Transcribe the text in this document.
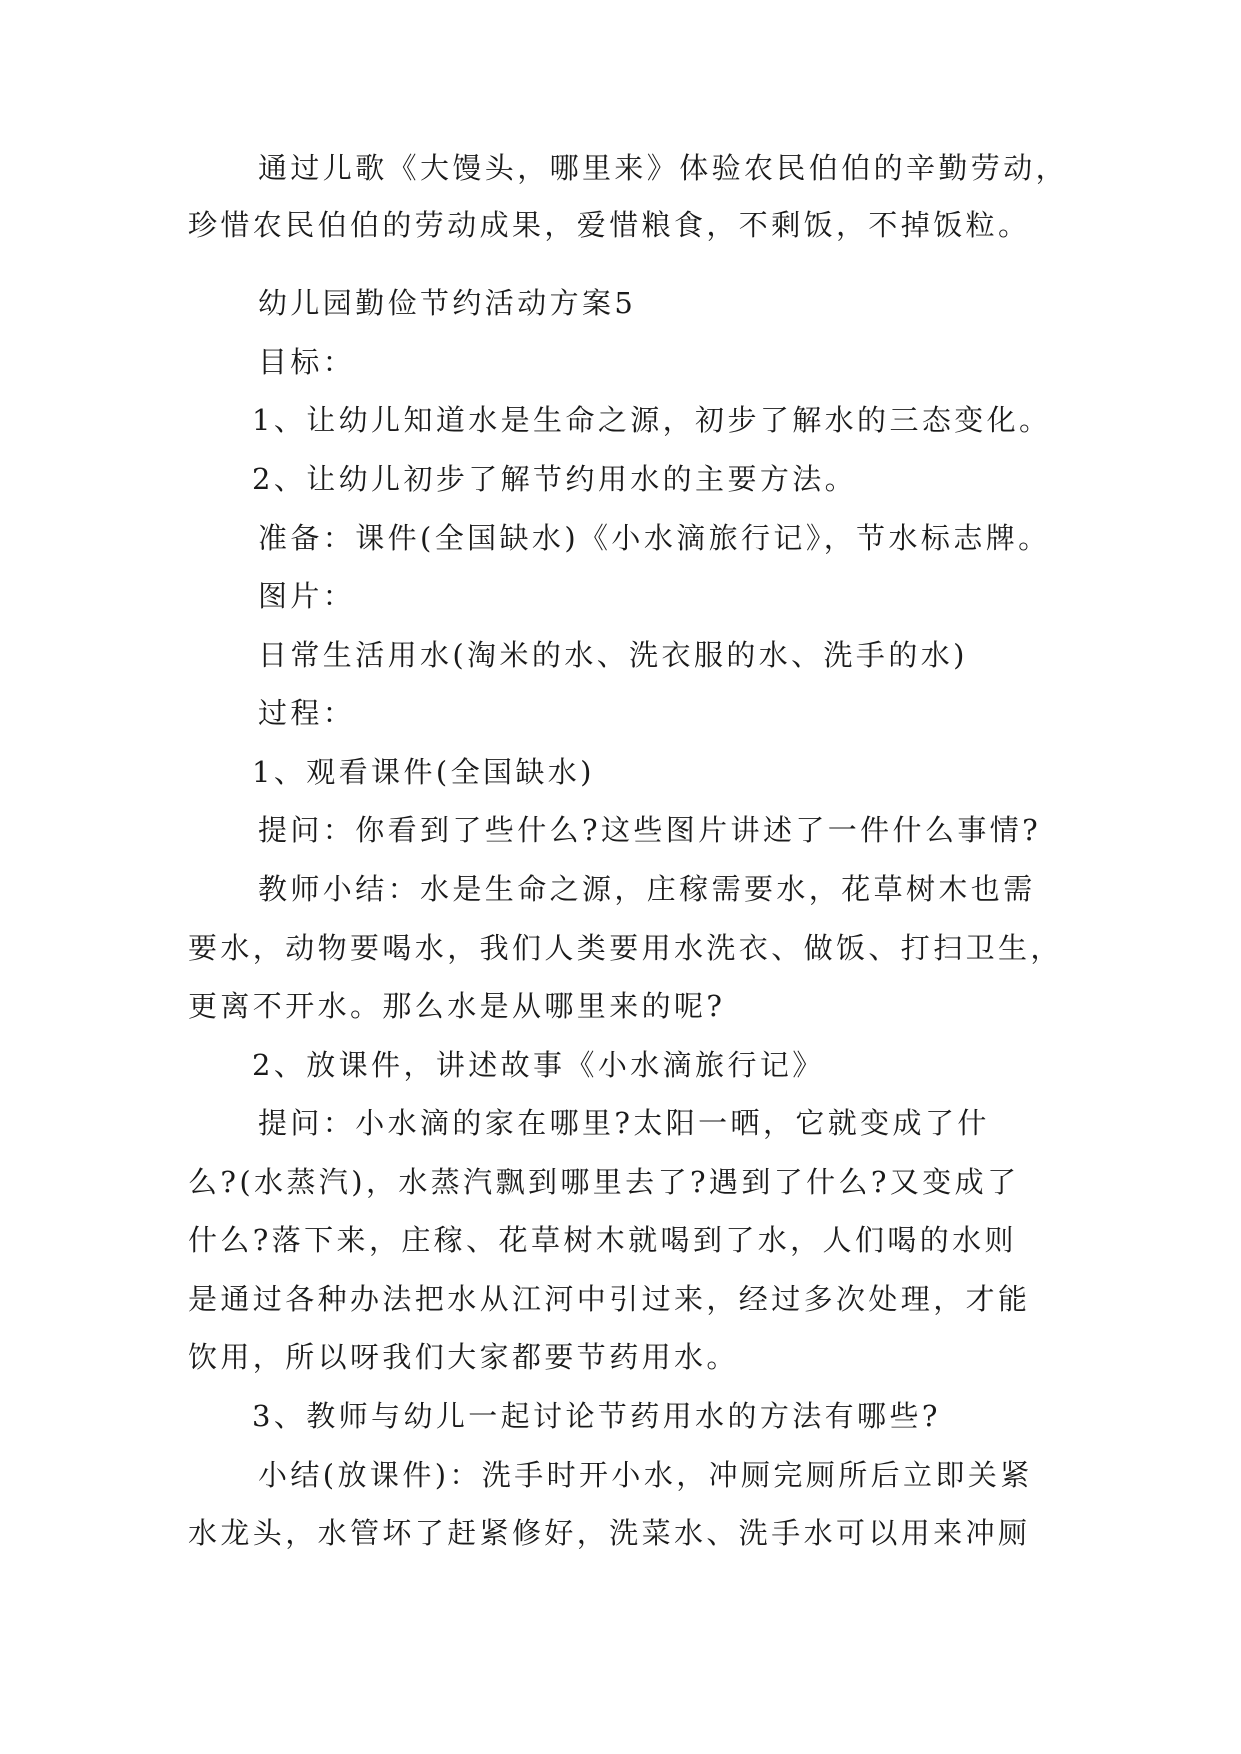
通过儿歌《大馒头，哪里来》体验农民伯伯的辛勤劳动，
珍惜农民伯伯的劳动成果，爱惜粮食，不剩饭，不掉饭粒。
幼儿园勤俭节约活动方案5
目标：
1、让幼儿知道水是生命之源，初步了解水的三态变化。
2、让幼儿初步了解节约用水的主要方法。
准备：课件(全国缺水)《小水滴旅行记》，节水标志牌。
图片：
日常生活用水(淘米的水、洗衣服的水、洗手的水)
过程：
1、观看课件(全国缺水)
提问：你看到了些什么?这些图片讲述了一件什么事情?
教师小结：水是生命之源，庄稼需要水，花草树木也需
要水，动物要喝水，我们人类要用水洗衣、做饭、打扫卫生，
更离不开水。那么水是从哪里来的呢?
2、放课件，讲述故事《小水滴旅行记》
提问：小水滴的家在哪里?太阳一晒，它就变成了什
么?(水蒸汽)，水蒸汽飘到哪里去了?遇到了什么?又变成了
什么?落下来，庄稼、花草树木就喝到了水，人们喝的水则
是通过各种办法把水从江河中引过来，经过多次处理，才能
饮用，所以呀我们大家都要节药用水。
3、教师与幼儿一起讨论节药用水的方法有哪些?
小结(放课件)：洗手时开小水，冲厕完厕所后立即关紧
水龙头，水管坏了赶紧修好，洗菜水、洗手水可以用来冲厕
